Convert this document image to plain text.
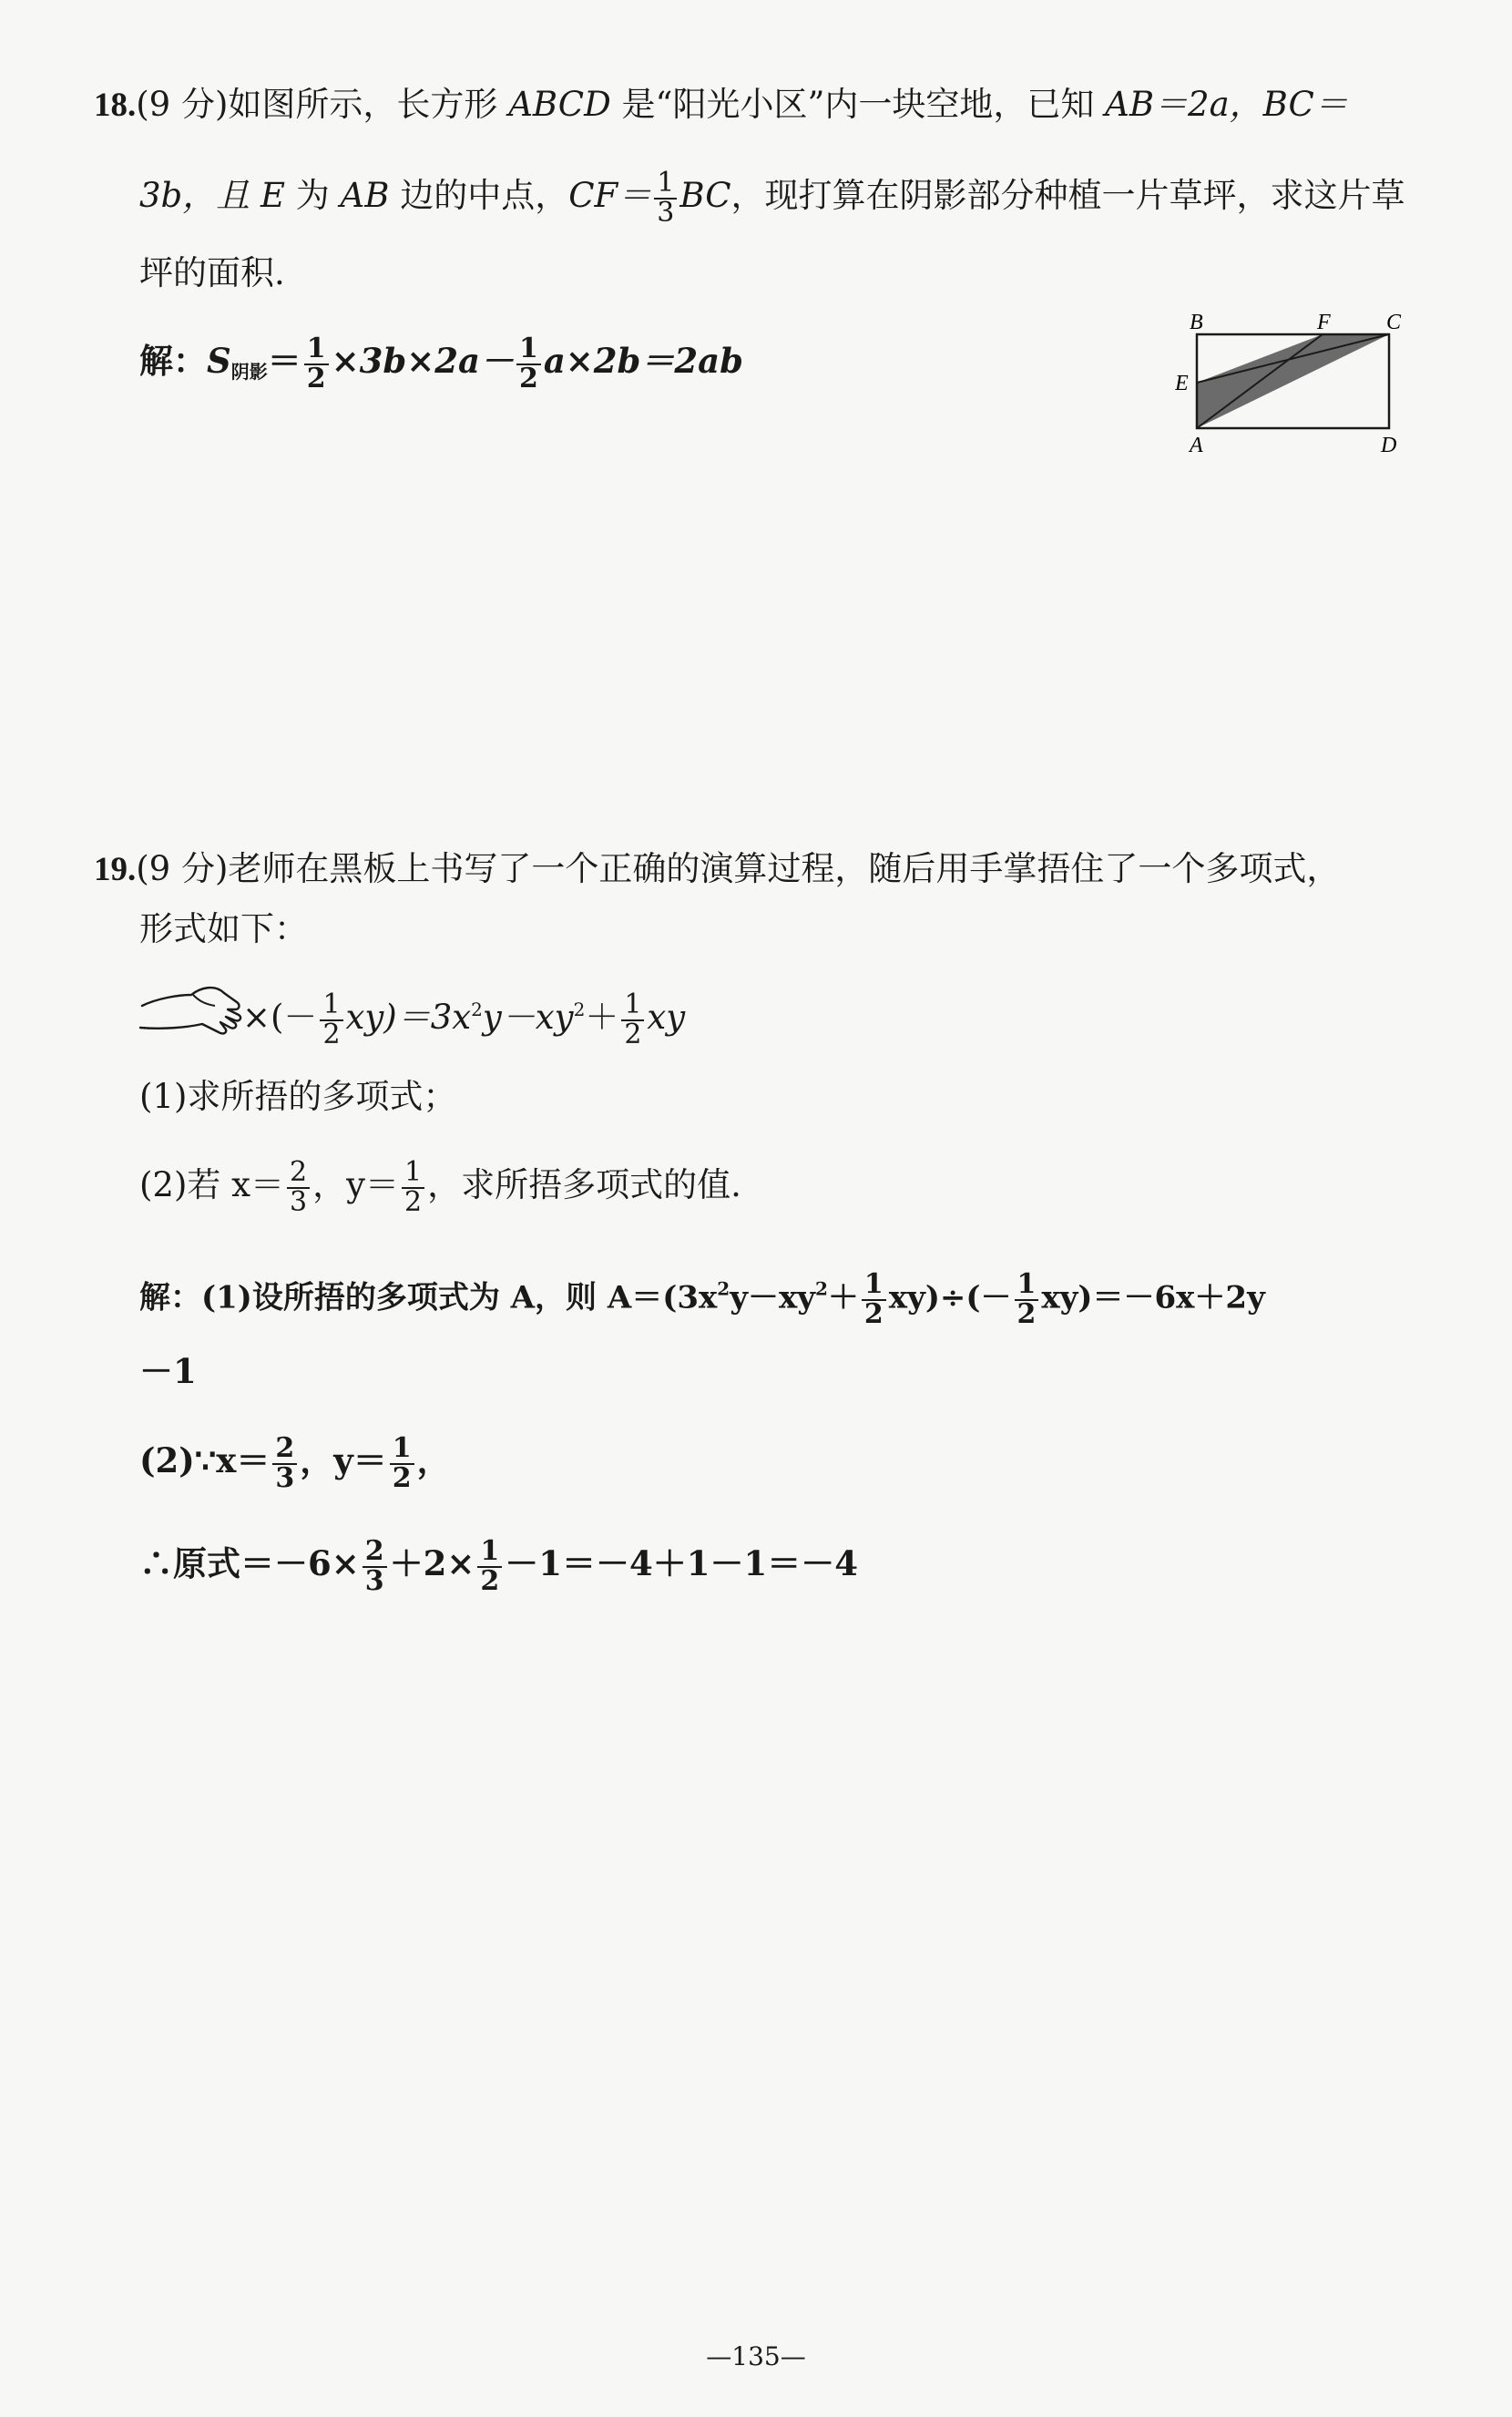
18.(9 分)如图所示，长方形 ABCD 是“阳光小区”内一块空地，已知 AB＝2a，BC＝
3b，且 E 为 AB 边的中点，$CF= \frac{1}{3}$ BC，现打算在阴影部分种植一片草坪，求这片草
坪的面积.
解：$S_{阴影}= \frac{1}{2} \times 3b\times 2a- \frac{1}{2} a\times 2b=2ab$
B	F	C
E
A	D
19.(9 分)老师在黑板上书写了一个正确的演算过程，随后用手掌捂住了一个多项式，
形式如下：
×(－ $\frac{1}{2} xy)=3x^2y-xy^2+ \frac{1}{2}$ xy
(1)求所捂的多项式；
(2)若 $x= \frac{2}{3}$ ，$y= \frac{1}{2}$ ，求所捂多项式的值.
解：(1)设所捂的多项式为 A，则 $A=(3x^2y-xy^2+ \frac{1}{2} xy)\div(- \frac{1}{2} xy)=-6x+2y$
－1
(2)∵x＝ $\frac{2}{3}$ ，$y= \frac{1}{2}$ ，
∴原式$=-6\times \frac{2}{3} +2\times \frac{1}{2} -1=-4+1-1=-4$
—135—
